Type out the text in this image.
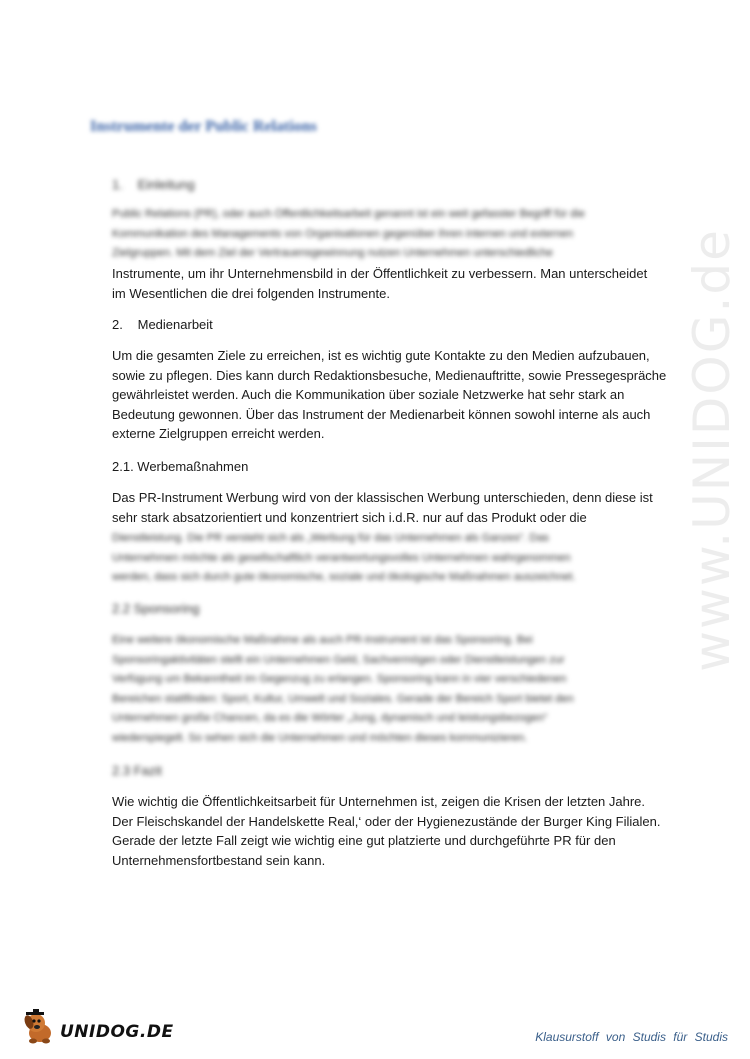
Instrumente der Public Relations
1. Einleitung
Public Relations (PR), oder auch Öffentlichkeitsarbeit genannt ist ein weit gefasster Begriff für die
Kommunikation des Managements von Organisationen gegenüber ihren internen und externen
Zielgruppen. Mit dem Ziel der Vertrauensgewinnung nutzen Unternehmen unterschiedliche
Instrumente, um ihr Unternehmensbild in der Öffentlichkeit zu verbessern. Man unterscheidet
im Wesentlichen die drei folgenden Instrumente.
2. Medienarbeit
Um die gesamten Ziele zu erreichen, ist es wichtig gute Kontakte zu den Medien aufzubauen,
sowie zu pflegen. Dies kann durch Redaktionsbesuche, Medienauftritte, sowie Pressegespräche
gewährleistet werden. Auch die Kommunikation über soziale Netzwerke hat sehr stark an
Bedeutung gewonnen. Über das Instrument der Medienarbeit können sowohl interne als auch
externe Zielgruppen erreicht werden.
2.1. Werbemaßnahmen
Das PR-Instrument Werbung wird von der klassischen Werbung unterschieden, denn diese ist
sehr stark absatzorientiert und konzentriert sich i.d.R. nur auf das Produkt oder die
Dienstleistung. Die PR versteht sich als „Werbung für das Unternehmen als Ganzes“. Das
Unternehmen möchte als gesellschaftlich verantwortungsvolles Unternehmen wahrgenommen
werden, dass sich durch gute ökonomische, soziale und ökologische Maßnahmen auszeichnet.
2.2 Sponsoring
Eine weitere ökonomische Maßnahme als auch PR-Instrument ist das Sponsoring. Bei
Sponsoringaktivitäten stellt ein Unternehmen Geld, Sachvermögen oder Dienstleistungen zur
Verfügung um Bekanntheit im Gegenzug zu erlangen. Sponsoring kann in vier verschiedenen
Bereichen stattfinden: Sport, Kultur, Umwelt und Soziales. Gerade der Bereich Sport bietet den
Unternehmen große Chancen, da es die Wörter „Jung, dynamisch und leistungsbezogen“
wiederspiegelt. So sehen sich die Unternehmen und möchten dieses kommunizieren.
2.3 Fazit
Wie wichtig die Öffentlichkeitsarbeit für Unternehmen ist, zeigen die Krisen der letzten Jahre.
Der Fleischskandel der Handelskette Real,‘ oder der Hygienezustände der Burger King Filialen.
Gerade der letzte Fall zeigt wie wichtig eine gut platzierte und durchgeführte PR für den
Unternehmensfortbestand sein kann.
www.UNIDOG.de
UNIDOG.DE	Klausurstoff von Studis für Studis
